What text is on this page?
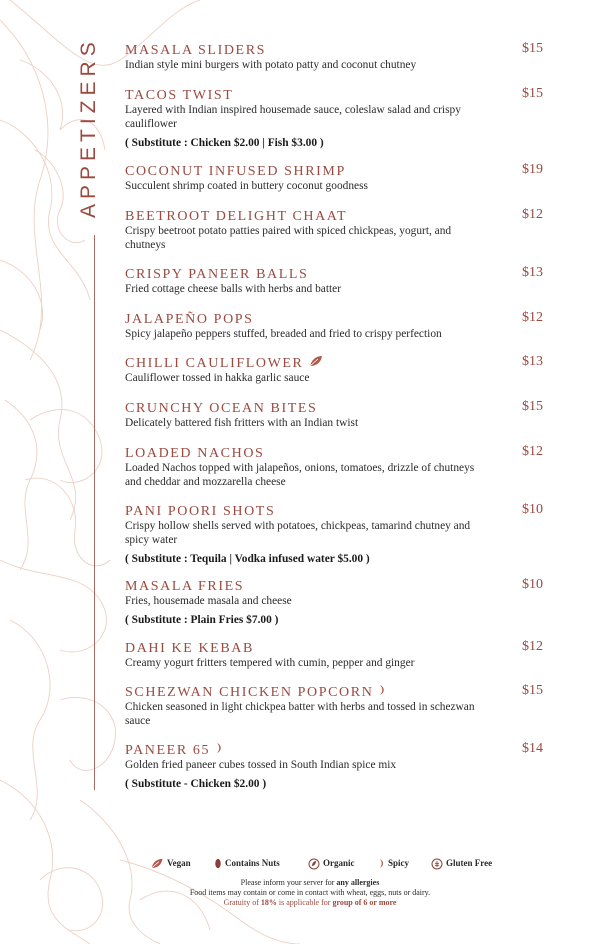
APPETIZERS MASALA SLIDERS	$15
Indian style mini burgers with potato patty and coconut chutney
TACOS TWIST	$15
Layered with Indian inspired housemade sauce, coleslaw salad and crispy cauliflower
( Substitute : Chicken $2.00 | Fish $3.00 )
COCONUT INFUSED SHRIMP	$19
Succulent shrimp coated in buttery coconut goodness
BEETROOT DELIGHT CHAAT	$12
Crispy beetroot potato patties paired with spiced chickpeas, yogurt, and chutneys
CRISPY PANEER BALLS	$13
Fried cottage cheese balls with herbs and batter
JALAPEÑO POPS	$12
Spicy jalapeño peppers stuffed, breaded and fried to crispy perfection
CHILLI CAULIFLOWER	$13
Cauliflower tossed in hakka garlic sauce
CRUNCHY OCEAN BITES	$15
Delicately battered fish fritters with an Indian twist
LOADED NACHOS	$12
Loaded Nachos topped with jalapeños, onions, tomatoes, drizzle of chutneys and cheddar and mozzarella cheese
PANI POORI SHOTS	$10
Crispy hollow shells served with potatoes, chickpeas, tamarind chutney and spicy water
( Substitute : Tequila | Vodka infused water $5.00 )
MASALA FRIES	$10
Fries, housemade masala and cheese
( Substitute : Plain Fries $7.00 )
DAHI KE KEBAB	$12
Creamy yogurt fritters tempered with cumin, pepper and ginger
SCHEZWAN CHICKEN POPCORN	$15
Chicken seasoned in light chickpea batter with herbs and tossed in schezwan sauce
PANEER 65	$14
Golden fried paneer cubes tossed in South Indian spice mix
( Substitute - Chicken $2.00 )
Vegan	Contains Nuts	Organic	Spicy	Gluten Free
Please inform your server for any allergies
Food items may contain or come in contact with wheat, eggs, nuts or dairy.
Gratuity of 18% is applicable for group of 6 or more
